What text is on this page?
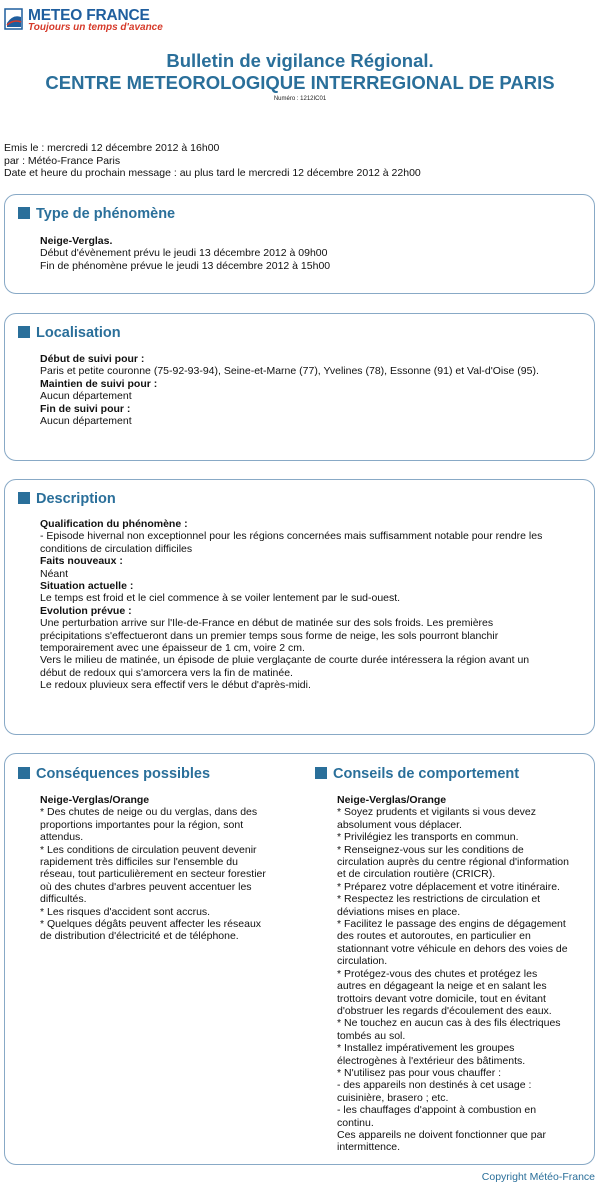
METEO FRANCE
Toujours un temps d'avance
Bulletin de vigilance Régional.
CENTRE METEOROLOGIQUE INTERREGIONAL DE PARIS
Numéro : 1212IC01
Emis le : mercredi 12 décembre 2012 à 16h00
par : Météo-France Paris
Date et heure du prochain message : au plus tard le mercredi 12 décembre 2012 à 22h00
Type de phénomène
Neige-Verglas.
Début d'évènement prévu le jeudi 13 décembre 2012 à 09h00
Fin de phénomène prévue le jeudi 13 décembre 2012 à 15h00
Localisation
Début de suivi pour :
Paris et petite couronne (75-92-93-94), Seine-et-Marne (77), Yvelines (78), Essonne (91) et Val-d'Oise (95).
Maintien de suivi pour :
Aucun département
Fin de suivi pour :
Aucun département
Description
Qualification du phénomène :
- Episode hivernal non exceptionnel pour les régions concernées mais suffisamment notable pour rendre les
conditions de circulation difficiles
Faits nouveaux :
Néant
Situation actuelle :
Le temps est froid et le ciel commence à se voiler lentement par le sud-ouest.
Evolution prévue :
Une perturbation arrive sur l'Ile-de-France en début de matinée sur des sols froids. Les premières
précipitations s'effectueront dans un premier temps sous forme de neige, les sols pourront blanchir
temporairement avec une épaisseur de 1 cm, voire 2 cm.
Vers le milieu de matinée, un épisode de pluie verglaçante de courte durée intéressera la région avant un
début de redoux qui s'amorcera vers la fin de matinée.
Le redoux pluvieux sera effectif vers le début d'après-midi.
Conséquences possibles	Conseils de comportement
Neige-Verglas/Orange
* Des chutes de neige ou du verglas, dans des
proportions importantes pour la région, sont
attendus.
* Les conditions de circulation peuvent devenir
rapidement très difficiles sur l'ensemble du
réseau, tout particulièrement en secteur forestier
où des chutes d'arbres peuvent accentuer les
difficultés.
* Les risques d'accident sont accrus.
* Quelques dégâts peuvent affecter les réseaux
de distribution d'électricité et de téléphone.
Neige-Verglas/Orange
* Soyez prudents et vigilants si vous devez
absolument vous déplacer.
* Privilégiez les transports en commun.
* Renseignez-vous sur les conditions de
circulation auprès du centre régional d'information
et de circulation routière (CRICR).
* Préparez votre déplacement et votre itinéraire.
* Respectez les restrictions de circulation et
déviations mises en place.
* Facilitez le passage des engins de dégagement
des routes et autoroutes, en particulier en
stationnant votre véhicule en dehors des voies de
circulation.
* Protégez-vous des chutes et protégez les
autres en dégageant la neige et en salant les
trottoirs devant votre domicile, tout en évitant
d'obstruer les regards d'écoulement des eaux.
* Ne touchez en aucun cas à des fils électriques
tombés au sol.
* Installez impérativement les groupes
électrogènes à l'extérieur des bâtiments.
* N'utilisez pas pour vous chauffer :
- des appareils non destinés à cet usage :
cuisinière, brasero ; etc.
- les chauffages d'appoint à combustion en
continu.
Ces appareils ne doivent fonctionner que par
intermittence.
Copyright Météo-France
